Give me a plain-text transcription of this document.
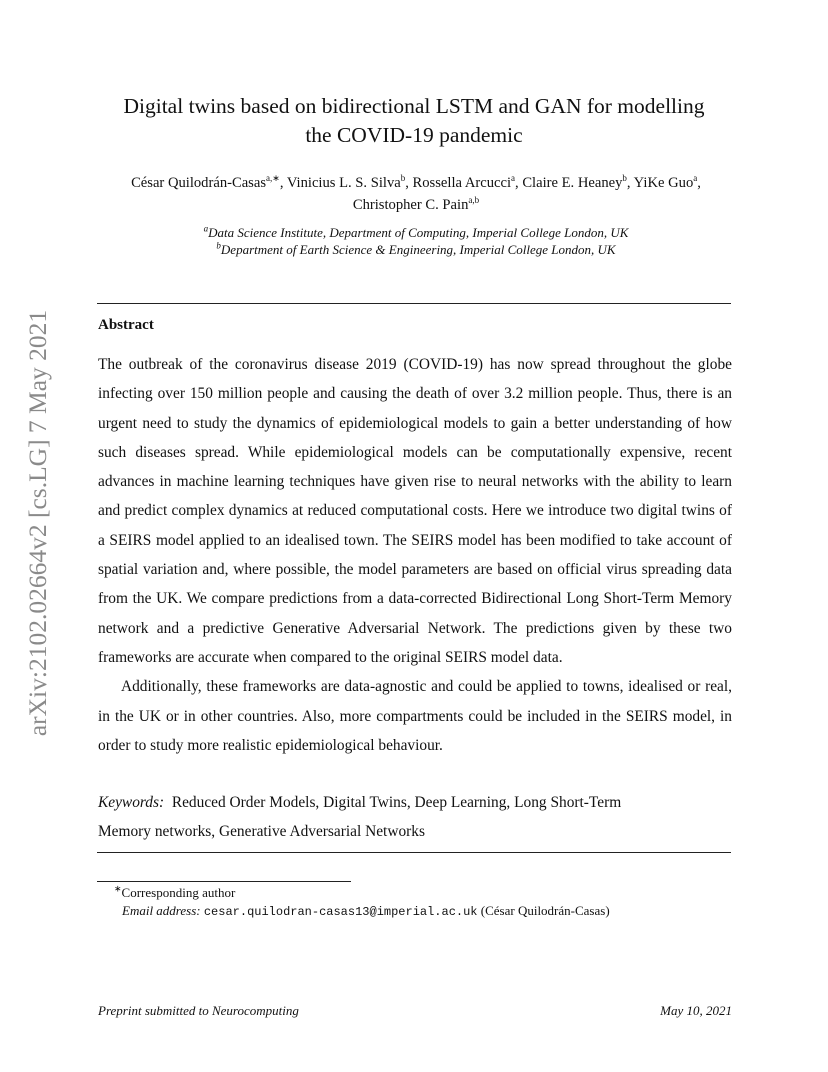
arXiv:2102.02664v2 [cs.LG] 7 May 2021
Digital twins based on bidirectional LSTM and GAN for modelling
the COVID-19 pandemic
César Quilodrán-Casas$^{a,∗}$, Vinicius L. S. Silva$^b$, Rossella Arcucci$^a$, Claire E. Heaney$^b$, YiKe Guo$^a$, Christopher C. Pain$^{a,b}$
$^a$Data Science Institute, Department of Computing, Imperial College London, UK
$^b$Department of Earth Science & Engineering, Imperial College London, UK
Abstract

The outbreak of the coronavirus disease 2019 (COVID-19) has now spread throughout the globe infecting over 150 million people and causing the death of over 3.2 million people. Thus, there is an urgent need to study the dynamics of epidemiological models to gain a better understanding of how such diseases spread. While epidemiological models can be computationally expensive, recent advances in machine learning techniques have given rise to neural networks with the ability to learn and predict complex dynamics at reduced computational costs. Here we introduce two digital twins of a SEIRS model applied to an idealised town. The SEIRS model has been modified to take account of spatial variation and, where possible, the model parameters are based on official virus spreading data from the UK. We compare predictions from a data-corrected Bidirectional Long Short-Term Memory network and a predictive Generative Adversarial Network. The predictions given by these two frameworks are accurate when compared to the original SEIRS model data.

Additionally, these frameworks are data-agnostic and could be applied to towns, idealised or real, in the UK or in other countries. Also, more compartments could be included in the SEIRS model, in order to study more realistic epidemiological behaviour.

Keywords: Reduced Order Models, Digital Twins, Deep Learning, Long Short-Term
Memory networks, Generative Adversarial Networks
∗Corresponding author
Email address: cesar.quilodran-casas13@imperial.ac.uk (César Quilodrán-Casas)
Preprint submitted to Neurocomputing	May 10, 2021
